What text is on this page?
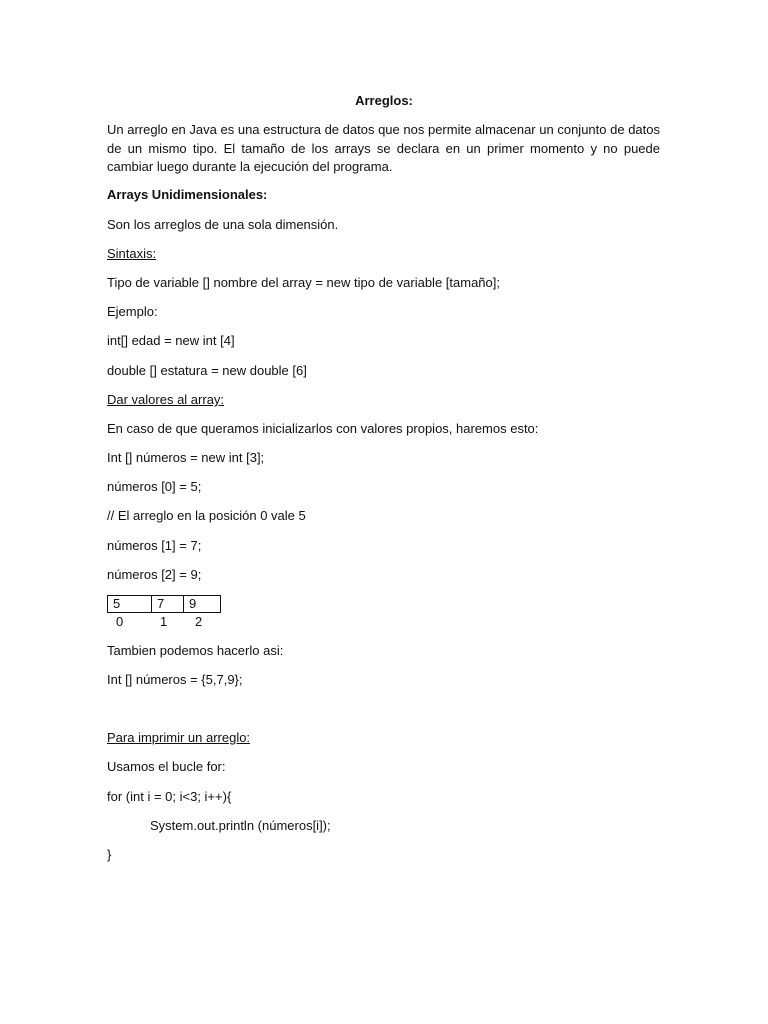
Arreglos:
Un arreglo en Java es una estructura de datos que nos permite almacenar un conjunto de datos de un mismo tipo. El tamaño de los arrays se declara en un primer momento y no puede cambiar luego durante la ejecución del programa.
Arrays Unidimensionales:
Son los arreglos de una sola dimensión.
Sintaxis:
Tipo de variable [] nombre del array = new tipo de variable [tamaño];
Ejemplo:
int[] edad = new int [4]
double [] estatura = new double [6]
Dar valores al array:
En caso de que queramos inicializarlos con valores propios, haremos esto:
Int [] números = new int [3];
números [0] = 5;
// El arreglo en la posición 0 vale 5
números [1] = 7;
números [2] = 9;
5	7	9
0	1 2
Tambien podemos hacerlo asi:
Int [] números = {5,7,9};
Para imprimir un arreglo:
Usamos el bucle for:
for (int i = 0; i<3; i++){
System.out.println (números[i]);
}
